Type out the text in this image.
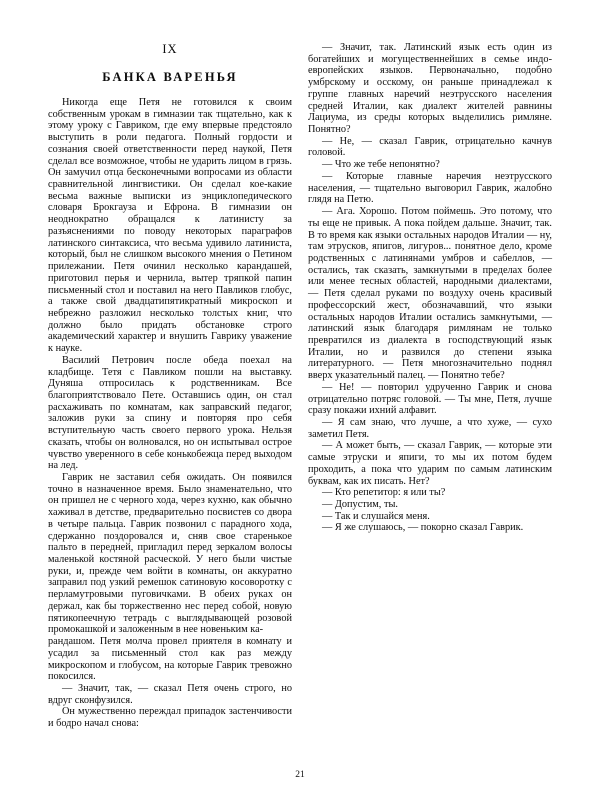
IX
БАНКА ВАРЕНЬЯ

Никогда еще Петя не готовился к своим собственным урокам в гимназии так тщательно, как к этому уроку с Гавриком, где ему впервые предстояло выступить в роли педагога. Полный гордости и сознания своей ответственности перед наукой, Петя сделал все возможное, чтобы не ударить лицом в грязь. Он замучил отца бесконечными вопросами из области сравнительной лингвистики. Он сделал кое-какие весьма важные выписки из энциклопедического словаря Брокгауза и Ефрона. В гимназии он неоднократно обращался к латинисту за разъяснениями по поводу некоторых параграфов латинского синтаксиса, что весьма удивило латиниста, который, был не слишком высокого мнения о Петином прилежании. Петя очинил несколько карандашей, приготовил перья и чернила, вытер тряпкой папин письменный стол и поставил на него Павликов глобус, а также свой двадцатипятикратный микроскоп и небрежно разложил несколько толстых книг, что должно было придать обстановке строго академический характер и внушить Гаврику уважение к науке.

Василий Петрович после обеда поехал на кладбище. Тетя с Павликом пошли на выставку. Дуняша отпросилась к родственникам. Все благоприятствовало Пете. Оставшись один, он стал расхаживать по комнатам, как заправский педагог, заложив руки за спину и повторяя про себя вступительную часть своего первого урока. Нельзя сказать, чтобы он волновался, но он испытывал острое чувство уверенного в себе конькобежца перед выходом на лед.

Гаврик не заставил себя ожидать. Он появился точно в назначенное время. Было знаменательно, что он пришел не с черного хода, через кухню, как обычно хаживал в детстве, предварительно посвистев со двора в четыре пальца. Гаврик позвонил с парадного хода, сдержанно поздоровался и, сняв свое старенькое пальто в передней, пригладил перед зеркалом волосы маленькой костяной расческой. У него были чистые руки, и, прежде чем войти в комнаты, он аккуратно заправил под узкий ремешок сатиновую косоворотку с перламутровыми пуговичками. В обеих руках он держал, как бы торжественно нес перед собой, новую пятикопеечную тетрадь с выглядывающей розовой промокашкой и заложенным в нее новеньким ка-

рандашом. Петя молча провел приятеля в комнату и усадил за письменный стол как раз между микроскопом и глобусом, на которые Гаврик тревожно покосился.

— Значит, так, — сказал Петя очень строго, но вдруг сконфузился.

Он мужественно переждал припадок застенчивости и бодро начал снова:

— Значит, так. Латинский язык есть один из богатейших и могущественнейших в семье индо-европейских языков. Первоначально, подобно умбрскому и осскому, он раньше принадлежал к группе главных наречий неэтрусского населения средней Италии, как диалект жителей равнины Лациума, из среды которых выделились римляне. Понятно?

— Не, — сказал Гаврик, отрицательно качнув головой.

— Что же тебе непонятно?

— Которые главные наречия неэтрусского населения, — тщательно выговорил Гаврик, жалобно глядя на Петю.

— Ага. Хорошо. Потом поймешь. Это потому, что ты еще не привык. А пока пойдем дальше. Значит, так. В то время как языки остальных народов Италии — ну, там этрусков, япигов, лигуров... понятное дело, кроме родственных с латинянами умбров и сабеллов, — остались, так сказать, замкнутыми в пределах более или менее тесных областей, народными диалектами, — Петя сделал руками по воздуху очень красивый профессорский жест, обозначавший, что языки остальных народов Италии остались замкнутыми, — латинский язык благодаря римлянам не только превратился из диалекта в господствующий язык Италии, но и развился до степени языка литературного. — Петя многозначительно поднял вверх указательный палец. — Понятно тебе?

— Не! — повторил удрученно Гаврик и снова отрицательно потряс головой. — Ты мне, Петя, лучше сразу покажи ихний алфавит.

— Я сам знаю, что лучше, а что хуже, — сухо заметил Петя.

— А может быть, — сказал Гаврик, — которые эти самые этруски и япиги, то мы их потом будем проходить, а пока что ударим по самым латинским буквам, как их писать. Нет?

— Кто репетитор: я или ты?

— Допустим, ты.

— Так и слушайся меня.

— Я же слушаюсь, — покорно сказал Гаврик.

21
